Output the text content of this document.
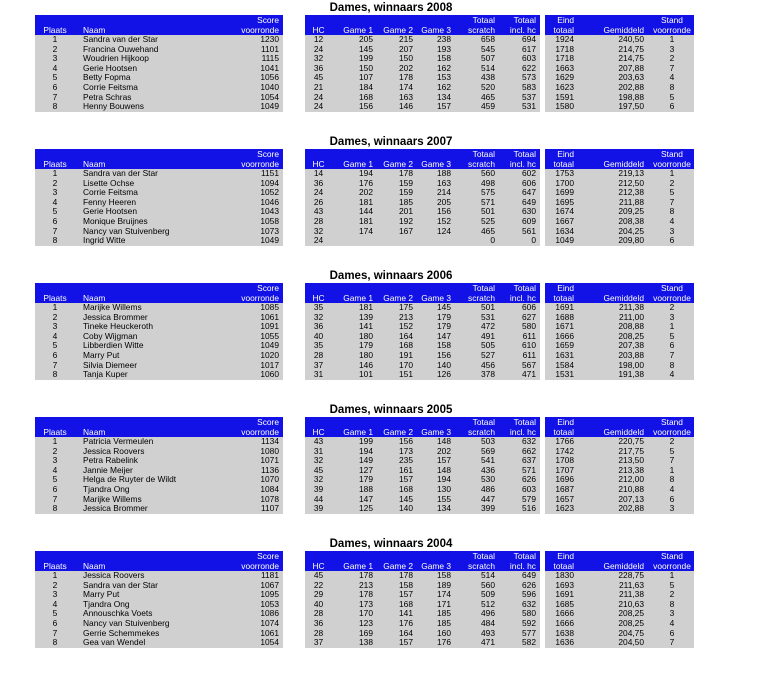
Dames, winnaars 2008
		Score						Totaal	Totaal		Eind		Stand
Plaats	Naam	voorronde		HC	Game 1	Game 2	Game 3	scratch	incl. hc		totaal	Gemiddeld	voorronde
1	Sandra van der Star	1230		12	205	215	238	658	694		1924	240,50	1
2	Francina Ouwehand	1101		24	145	207	193	545	617		1718	214,75	3
3	Woudrien Hijkoop	1115		32	199	150	158	507	603		1718	214,75	2
4	Gerie Hootsen	1041		36	150	202	162	514	622		1663	207,88	7
5	Betty Fopma	1056		45	107	178	153	438	573		1629	203,63	4
6	Corrie Feitsma	1040		21	184	174	162	520	583		1623	202,88	8
7	Petra Schras	1054		24	168	163	134	465	537		1591	198,88	5
8	Henny Bouwens	1049		24	156	146	157	459	531		1580	197,50	6
Dames, winnaars 2007
		Score						Totaal	Totaal		Eind		Stand
Plaats	Naam	voorronde		HC	Game 1	Game 2	Game 3	scratch	incl. hc		totaal	Gemiddeld	voorronde
1	Sandra van der Star	1151		14	194	178	188	560	602		1753	219,13	1
2	Lisette Ochse	1094		36	176	159	163	498	606		1700	212,50	2
3	Corrie Feitsma	1052		24	202	159	214	575	647		1699	212,38	5
4	Fenny Heeren	1046		26	181	185	205	571	649		1695	211,88	7
5	Gerie Hootsen	1043		43	144	201	156	501	630		1674	209,25	8
6	Monique Bruijnes	1058		28	181	192	152	525	609		1667	208,38	4
7	Nancy van Stuivenberg	1073		32	174	167	124	465	561		1634	204,25	3
8	Ingrid Witte	1049		24				0	0		1049	209,80	6
Dames, winnaars 2006
		Score						Totaal	Totaal		Eind		Stand
Plaats	Naam	voorronde		HC	Game 1	Game 2	Game 3	scratch	incl. hc		totaal	Gemiddeld	voorronde
1	Marijke Willems	1085		35	181	175	145	501	606		1691	211,38	2
2	Jessica Brommer	1061		32	139	213	179	531	627		1688	211,00	3
3	Tineke Heuckeroth	1091		36	141	152	179	472	580		1671	208,88	1
4	Coby Wijgman	1055		40	180	164	147	491	611		1666	208,25	5
5	Libberdien Witte	1049		35	179	168	158	505	610		1659	207,38	6
6	Marry Put	1020		28	180	191	156	527	611		1631	203,88	7
7	Silvia Diemeer	1017		37	146	170	140	456	567		1584	198,00	8
8	Tanja Kuper	1060		31	101	151	126	378	471		1531	191,38	4
Dames, winnaars 2005
		Score						Totaal	Totaal		Eind		Stand
Plaats	Naam	voorronde		HC	Game 1	Game 2	Game 3	scratch	incl. hc		totaal	Gemiddeld	voorronde
1	Patricia Vermeulen	1134		43	199	156	148	503	632		1766	220,75	2
2	Jessica Roovers	1080		31	194	173	202	569	662		1742	217,75	5
3	Petra Rabelink	1071		32	149	235	157	541	637		1708	213,50	7
4	Jannie Meijer	1136		45	127	161	148	436	571		1707	213,38	1
5	Helga de Ruyter de Wildt	1070		32	179	157	194	530	626		1696	212,00	8
6	Tjandra Ong	1084		39	188	168	130	486	603		1687	210,88	4
7	Marijke Willems	1078		44	147	145	155	447	579		1657	207,13	6
8	Jessica Brommer	1107		39	125	140	134	399	516		1623	202,88	3
Dames, winnaars 2004
		Score						Totaal	Totaal		Eind		Stand
Plaats	Naam	voorronde		HC	Game 1	Game 2	Game 3	scratch	incl. hc		totaal	Gemiddeld	voorronde
1	Jessica Roovers	1181		45	178	178	158	514	649		1830	228,75	1
2	Sandra van der Star	1067		22	213	158	189	560	626		1693	211,63	5
3	Marry Put	1095		29	178	157	174	509	596		1691	211,38	2
4	Tjandra Ong	1053		40	173	168	171	512	632		1685	210,63	8
5	Annouschka Voets	1086		28	170	141	185	496	580		1666	208,25	3
6	Nancy van Stuivenberg	1074		36	123	176	185	484	592		1666	208,25	4
7	Gerrie Schemmekes	1061		28	169	164	160	493	577		1638	204,75	6
8	Gea van Wendel	1054		37	138	157	176	471	582		1636	204,50	7
